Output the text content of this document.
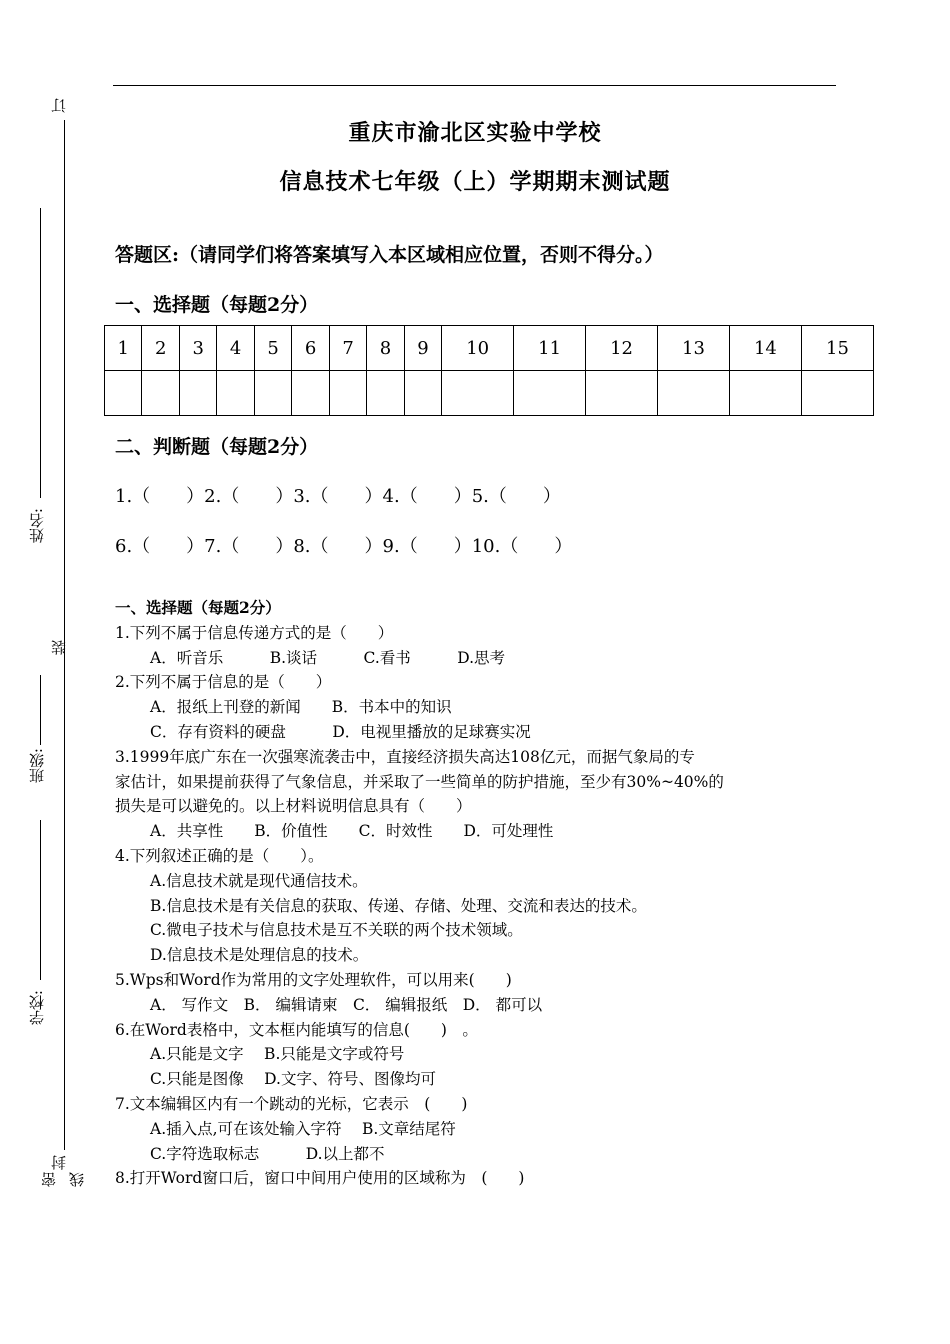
订
姓名:
装
班级:
学校:
封
密 线
重庆市渝北区实验中学校
信息技术七年级（上）学期期末测试题
答题区:（请同学们将答案填写入本区域相应位置，否则不得分。）
一、选择题（每题2分）
1	2	3	4	5	6	7	8	9	10	11	12	13	14	15

二、判断题（每题2分）
1.（　　）2.（　　）3.（　　）4.（　　）5.（　　）
6.（　　）7.（　　）8.（　　）9.（　　）10.（　　）
一、选择题（每题2分）
1.下列不属于信息传递方式的是（　　）
A．听音乐　　　B.谈话　　　C.看书　　　D.思考
2.下列不属于信息的是（　　）
A．报纸上刊登的新闻　　B．书本中的知识
C．存有资料的硬盘　　　D．电视里播放的足球赛实况
3.1999年底广东在一次强寒流袭击中，直接经济损失高达108亿元，而据气象局的专
家估计，如果提前获得了气象信息，并采取了一些简单的防护措施，至少有30%~40%的
损失是可以避免的。以上材料说明信息具有（　　）
A．共享性　　B．价值性　　C．时效性　　D．可处理性
4.下列叙述正确的是（　　）。
A.信息技术就是现代通信技术。
B.信息技术是有关信息的获取、传递、存储、处理、交流和表达的技术。
C.微电子技术与信息技术是互不关联的两个技术领域。
D.信息技术是处理信息的技术。
5.Wps和Word作为常用的文字处理软件，可以用来(　　)
A． 写作文　B． 编辑请柬　C． 编辑报纸　D． 都可以
6.在Word表格中，文本框内能填写的信息(　　)　。
A.只能是文字　 B.只能是文字或符号
C.只能是图像　 D.文字、符号、图像均可
7.文本编辑区内有一个跳动的光标，它表示　(　　)
A.插入点,可在该处输入字符　 B.文章结尾符
C.字符选取标志　　　D.以上都不
8.打开Word窗口后，窗口中间用户使用的区域称为　(　　)
